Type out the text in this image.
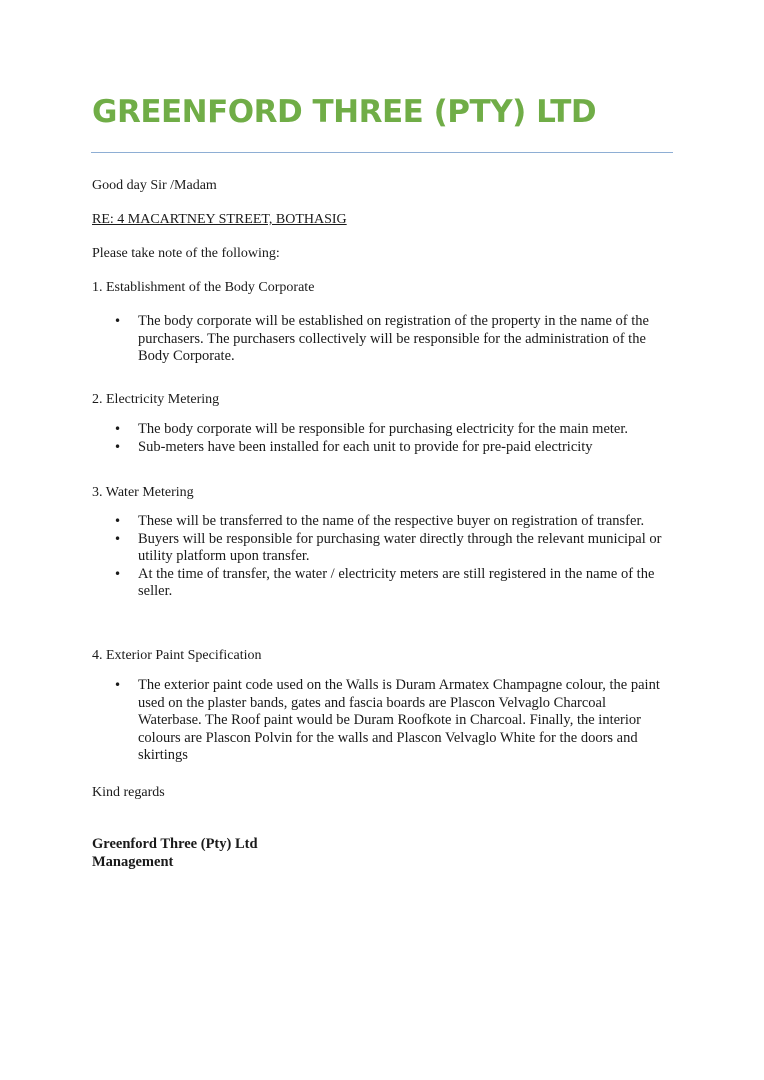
GREENFORD THREE (PTY) LTD

Good day Sir /Madam

RE: 4 MACARTNEY STREET, BOTHASIG

Please take note of the following:

1. Establishment of the Body Corporate

• The body corporate will be established on registration of the property in the name of the purchasers. The purchasers collectively will be responsible for the administration of the Body Corporate.

2. Electricity Metering

• The body corporate will be responsible for purchasing electricity for the main meter.
• Sub-meters have been installed for each unit to provide for pre-paid electricity

3. Water Metering

• These will be transferred to the name of the respective buyer on registration of transfer.
• Buyers will be responsible for purchasing water directly through the relevant municipal or utility platform upon transfer.
• At the time of transfer, the water / electricity meters are still registered in the name of the seller.

4. Exterior Paint Specification

• The exterior paint code used on the Walls is Duram Armatex Champagne colour, the paint used on the plaster bands, gates and fascia boards are Plascon Velvaglo Charcoal Waterbase. The Roof paint would be Duram Roofkote in Charcoal. Finally, the interior colours are Plascon Polvin for the walls and Plascon Velvaglo White for the doors and skirtings

Kind regards

Greenford Three (Pty) Ltd

Management
